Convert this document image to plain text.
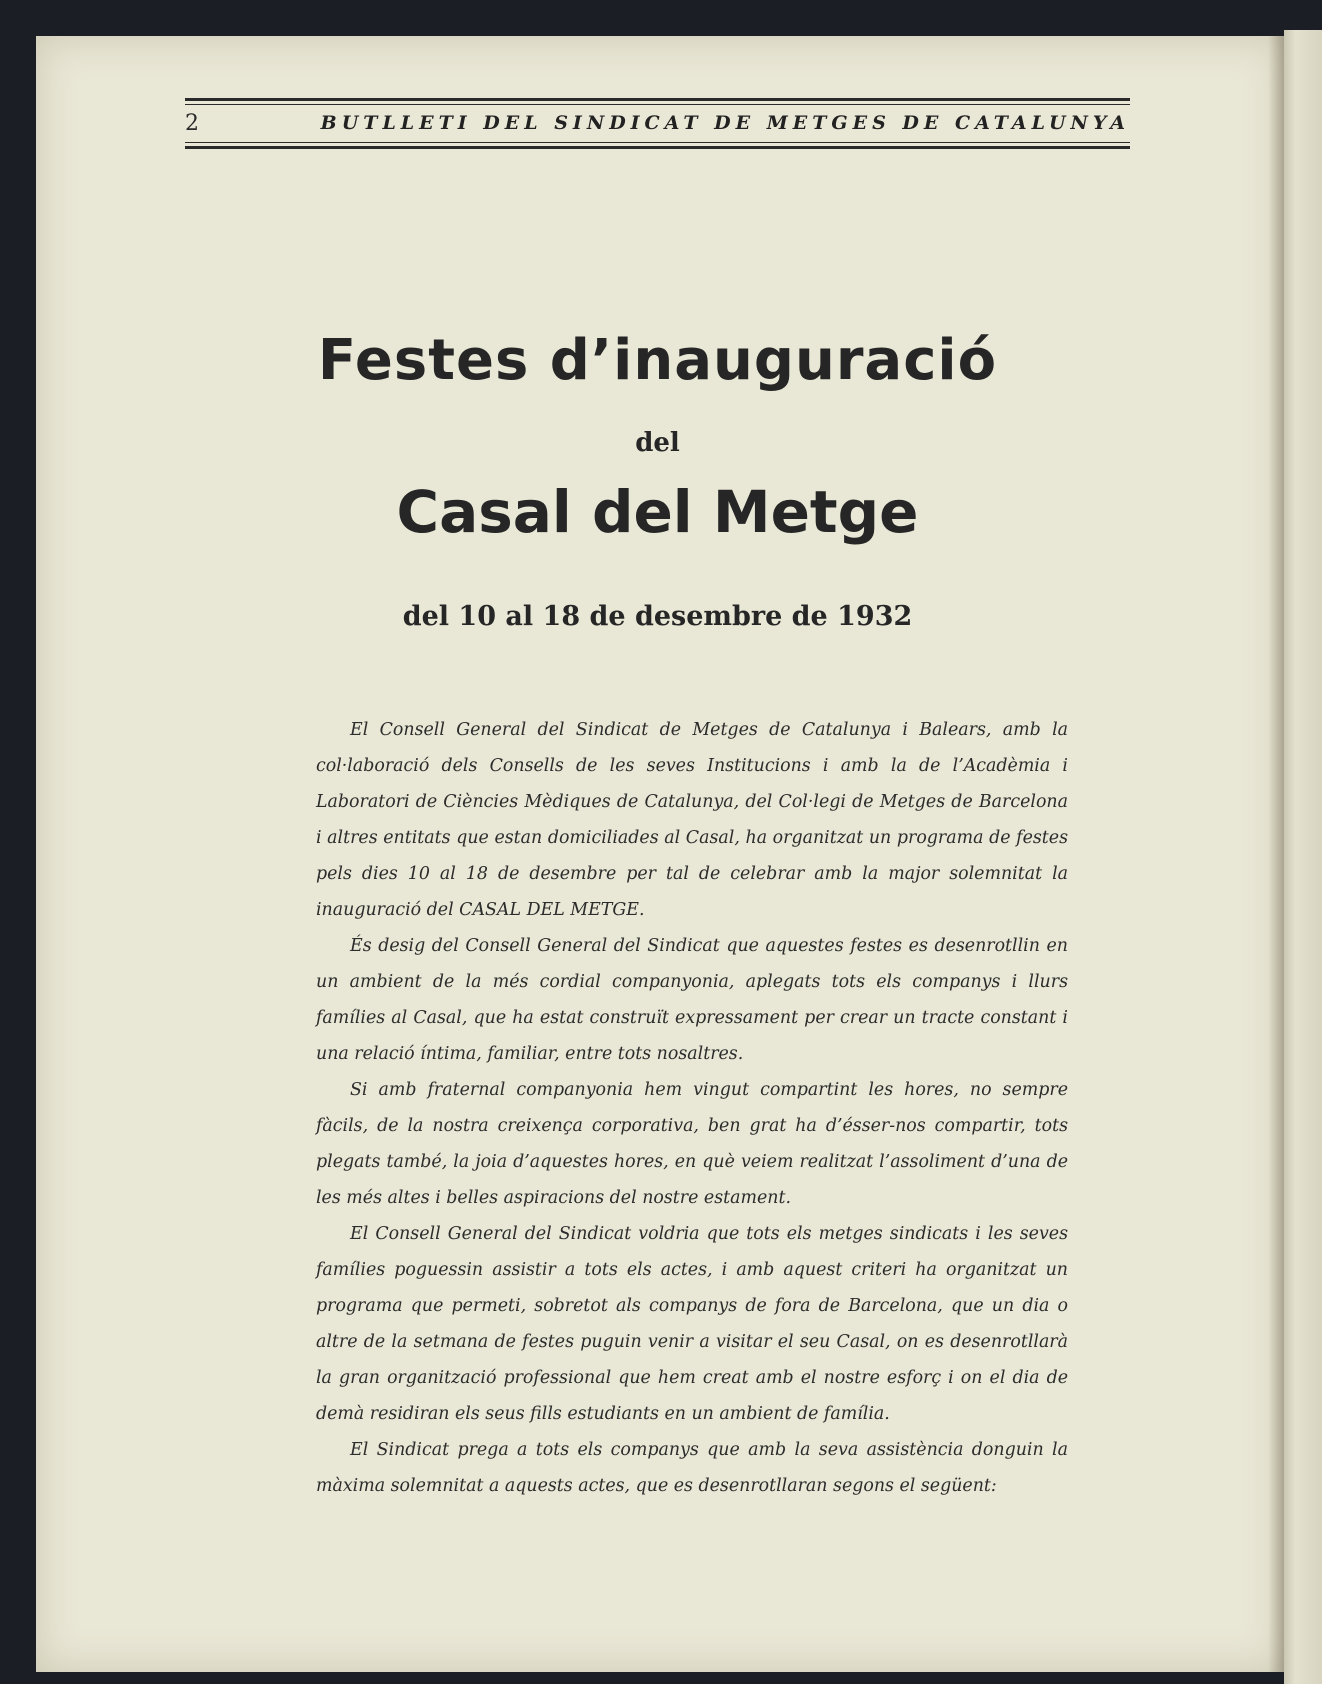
2	BUTLLETI DEL SINDICAT DE METGES DE CATALUNYA
Festes d’inauguració
del
Casal del Metge
del 10 al 18 de desembre de 1932

El Consell General del Sindicat de Metges de Catalunya i Balears, amb la col·laboració dels Consells de les seves Institucions i amb la de l’Acadèmia i Laboratori de Ciències Mèdiques de Catalunya, del Col·legi de Metges de Barcelona i altres entitats que estan domiciliades al Casal, ha organitzat un programa de festes pels dies 10 al 18 de desembre per tal de celebrar amb la major solemnitat la inauguració del CASAL DEL METGE.

És desig del Consell General del Sindicat que aquestes festes es desenrotllin en un ambient de la més cordial companyonia, aplegats tots els companys i llurs famílies al Casal, que ha estat construït expressament per crear un tracte constant i una relació íntima, familiar, entre tots nosaltres.

Si amb fraternal companyonia hem vingut compartint les hores, no sempre fàcils, de la nostra creixença corporativa, ben grat ha d’ésser-nos compartir, tots plegats també, la joia d’aquestes hores, en què veiem realitzat l’assoliment d’una de les més altes i belles aspiracions del nostre estament.

El Consell General del Sindicat voldria que tots els metges sindicats i les seves famílies poguessin assistir a tots els actes, i amb aquest criteri ha organitzat un programa que permeti, sobretot als companys de fora de Barcelona, que un dia o altre de la setmana de festes puguin venir a visitar el seu Casal, on es desenrotllarà la gran organització professional que hem creat amb el nostre esforç i on el dia de demà residiran els seus fills estudiants en un ambient de família.

El Sindicat prega a tots els companys que amb la seva assistència donguin la màxima solemnitat a aquests actes, que es desenrotllaran segons el següent:
